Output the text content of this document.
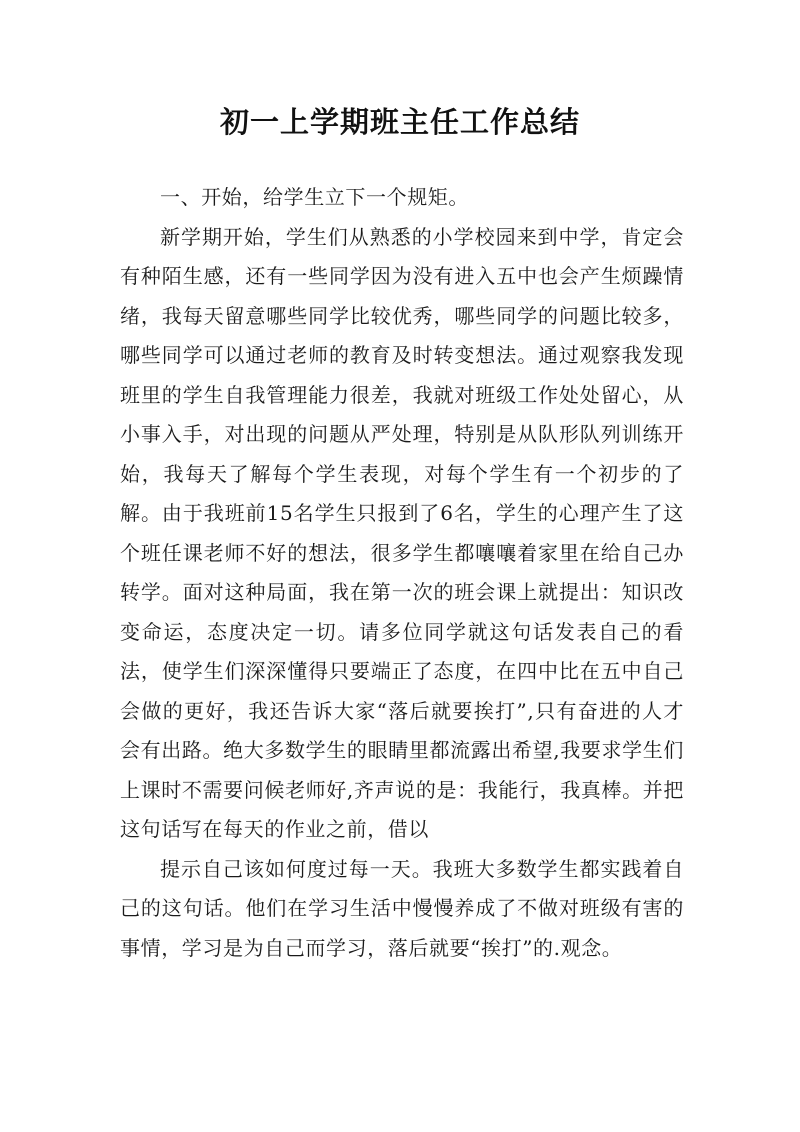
初一上学期班主任工作总结

一、开始，给学生立下一个规矩。

新学期开始，学生们从熟悉的小学校园来到中学，肯定会有种陌生感，还有一些同学因为没有进入五中也会产生烦躁情绪，我每天留意哪些同学比较优秀，哪些同学的问题比较多，哪些同学可以通过老师的教育及时转变想法。通过观察我发现班里的学生自我管理能力很差，我就对班级工作处处留心，从小事入手，对出现的问题从严处理，特别是从队形队列训练开始，我每天了解每个学生表现，对每个学生有一个初步的了解。由于我班前15名学生只报到了6名，学生的心理产生了这个班任课老师不好的想法，很多学生都嚷嚷着家里在给自己办转学。面对这种局面，我在第一次的班会课上就提出：知识改变命运，态度决定一切。请多位同学就这句话发表自己的看法，使学生们深深懂得只要端正了态度，在四中比在五中自己会做的更好，我还告诉大家“落后就要挨打”,只有奋进的人才会有出路。绝大多数学生的眼睛里都流露出希望,我要求学生们上课时不需要问候老师好,齐声说的是：我能行，我真棒。并把这句话写在每天的作业之前，借以

提示自己该如何度过每一天。我班大多数学生都实践着自己的这句话。他们在学习生活中慢慢养成了不做对班级有害的事情，学习是为自己而学习，落后就要“挨打”的.观念。
